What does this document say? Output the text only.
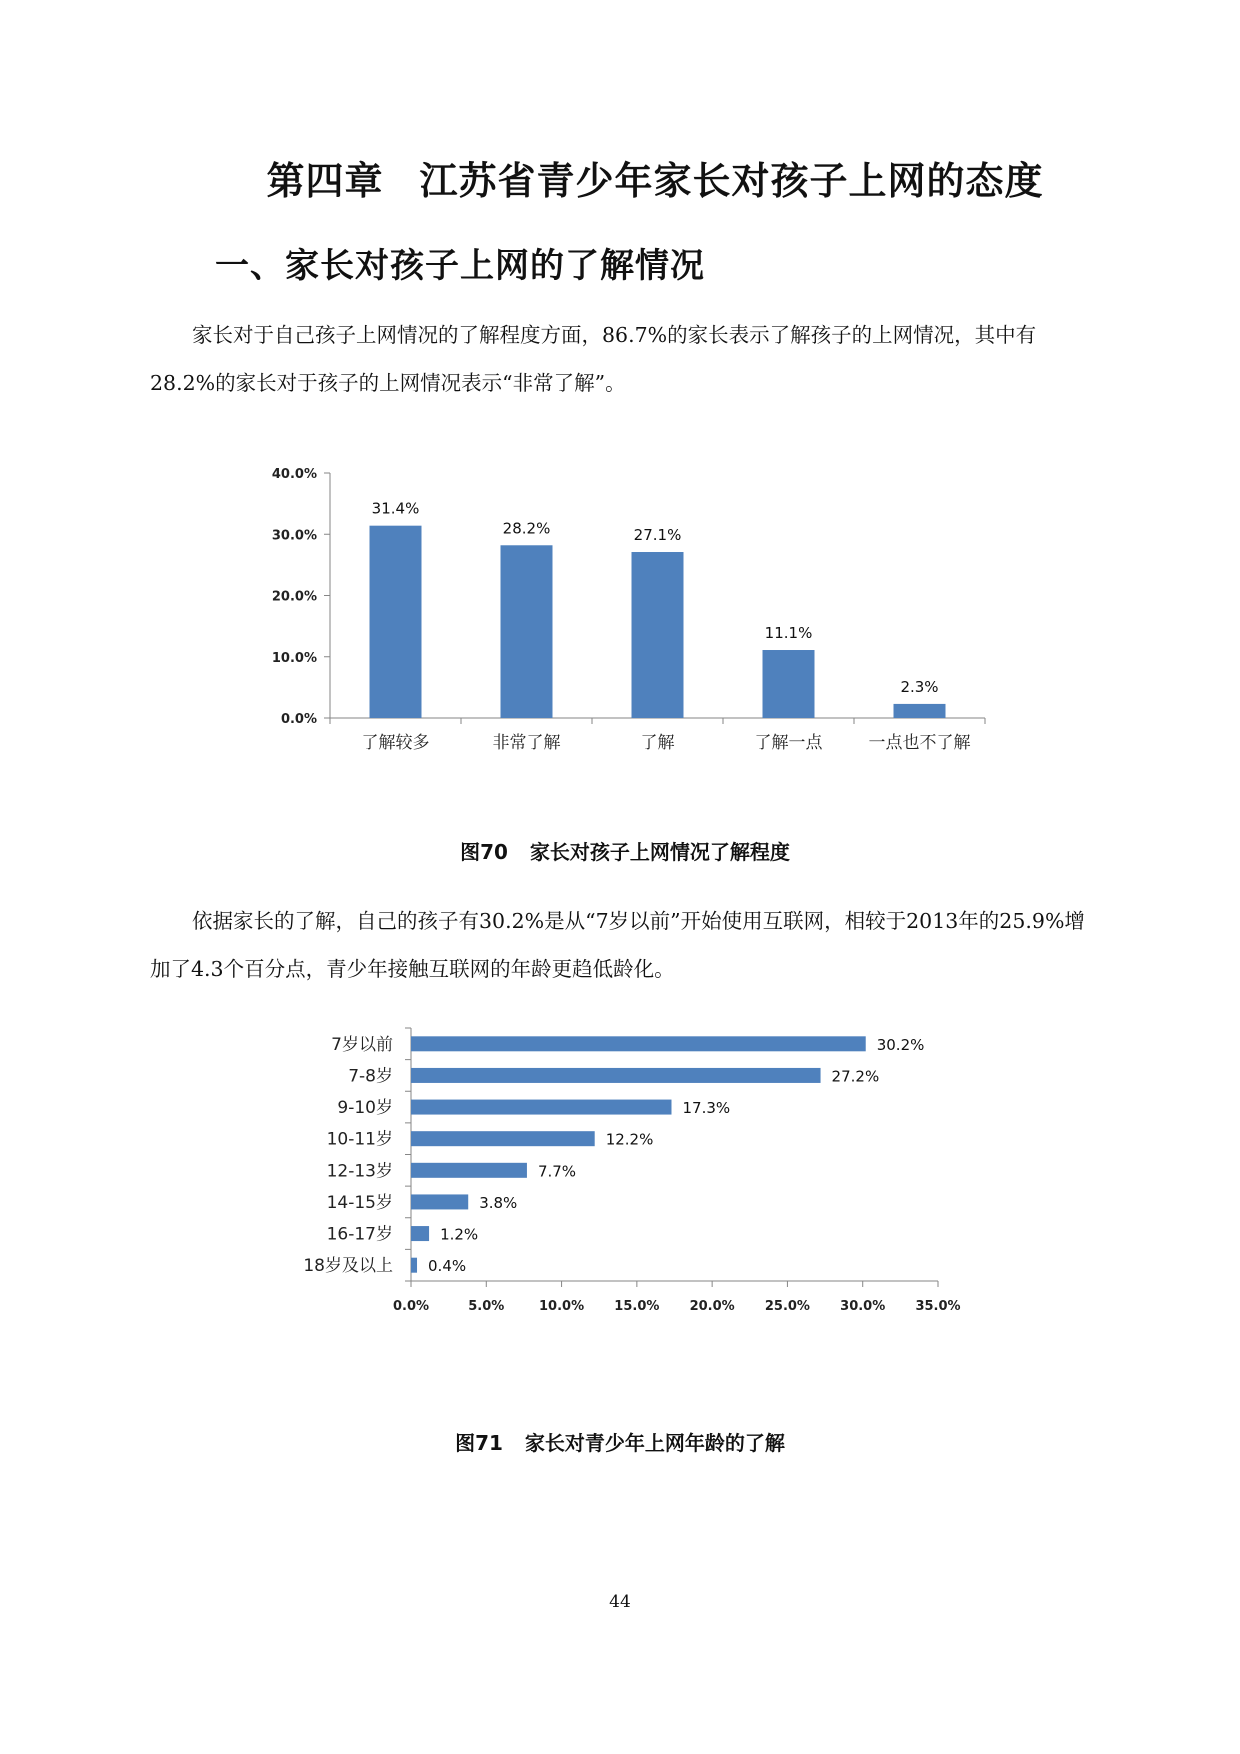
第四章 江苏省青少年家长对孩子上网的态度
一、家长对孩子上网的了解情况

家长对于自己孩子上网情况的了解程度方面，86.7%的家长表示了解孩子的上网情况，其中有28.2%的家长对于孩子的上网情况表示“非常了解”。

0.0%
10.0%
20.0%
30.0%
40.0%
31.4%
了解较多
28.2%
非常了解
27.1%
了解
11.1%
了解一点
2.3%
一点也不了解
图70 家长对孩子上网情况了解程度

依据家长的了解，自己的孩子有30.2%是从“7岁以前”开始使用互联网，相较于2013年的25.9%增加了4.3个百分点，青少年接触互联网的年龄更趋低龄化。

0.0%	5.0%	10.0% 15.0% 20.0% 25.0% 30.0% 35.0%
30.2%
7岁以前
27.2%
7-8岁
17.3%
9-10岁
12.2%
10-11岁
7.7%
12-13岁
3.8%
14-15岁
1.2%
16-17岁
0.4%
18岁及以上
图71 家长对青少年上网年龄的了解
44
